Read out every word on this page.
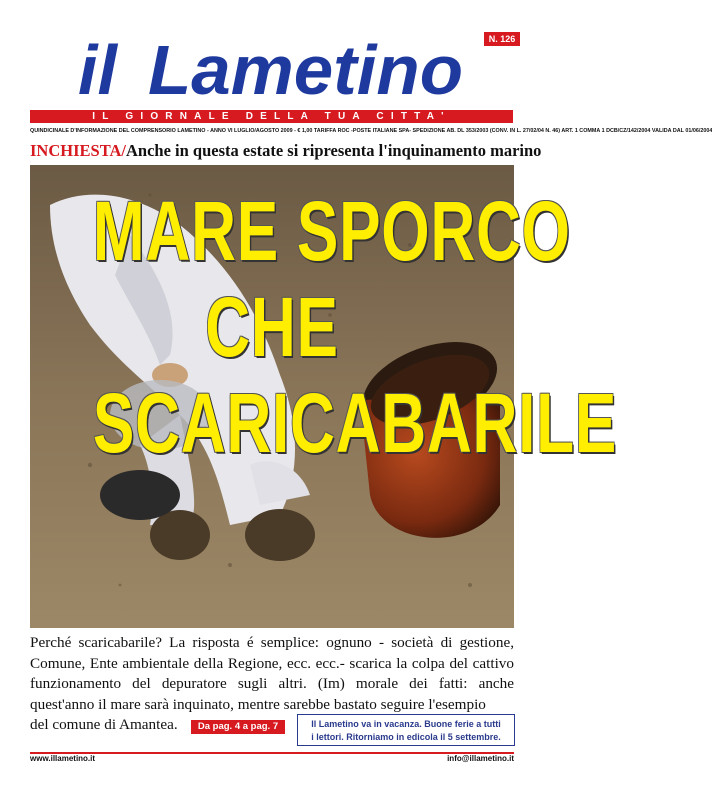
N. 126
il Lametino
IL GIORNALE DELLA TUA CITTA'
QUINDICINALE D'INFORMAZIONE DEL COMPRENSORIO LAMETINO - ANNO VI LUGLIO/AGOSTO 2009 - € 1,00 TARIFFA ROC -POSTE ITALIANE SPA- SPEDIZIONE AB. DL 353/2003 (CONV. IN L. 27/02/04 N. 46) ART. 1 COMMA 1 DCB/CZ/142/2004 VALIDA DAL 01/06/2004
INCHIESTA/Anche in questa estate si ripresenta l'inquinamento marino
MARE SPORCO
CHE
SCARICABARILE
Perché scaricabarile? La risposta é semplice: ognuno - società di gestione, Comune, Ente ambientale della Regione, ecc. ecc.- scarica la colpa del cattivo funzionamento del depuratore sugli altri. (Im) morale dei fatti: anche quest'anno il mare sarà inquinato, mentre sarebbe bastato seguire l'esempio
del comune di Amantea.	Da pag. 4 a pag. 7	Il Lametino va in vacanza. Buone ferie a tutti
i lettori. Ritorniamo in edicola il 5 settembre.
www.illametino.it	info@illametino.it
